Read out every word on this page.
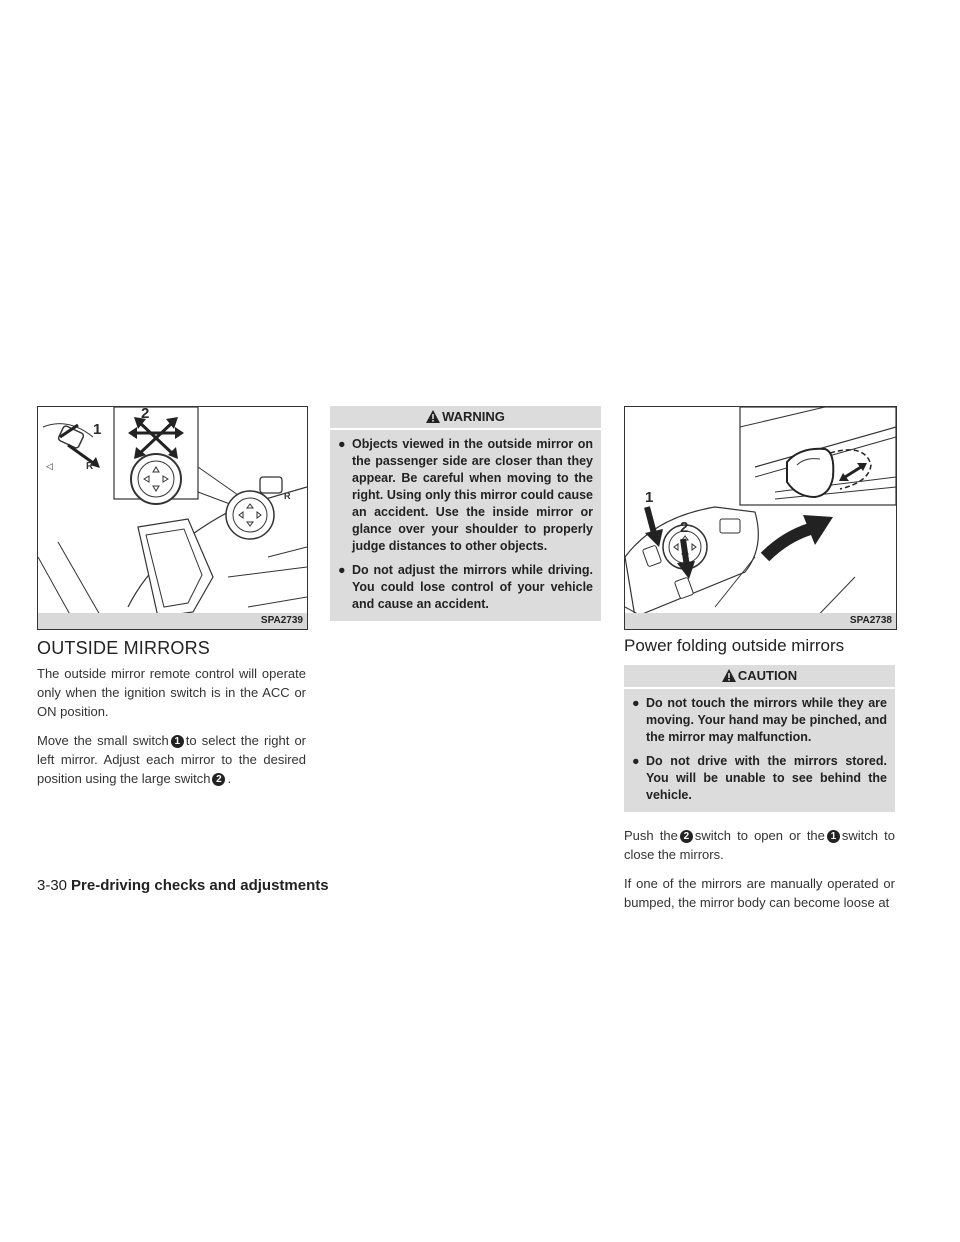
◁	R
R
1
2
SPA2739
OUTSIDE MIRRORS

The outside mirror remote control will operate only when the ignition switch is in the ACC or ON position.

Move the small switch 1 to select the right or left mirror. Adjust each mirror to the desired position using the large switch 2 .

WARNING
● Objects viewed in the outside mirror on the passenger side are closer than they appear. Be careful when moving to the right. Using only this mirror could cause an accident. Use the inside mirror or glance over your shoulder to properly judge distances to other objects.
● Do not adjust the mirrors while driving. You could lose control of your vehicle and cause an accident.
1
2
SPA2738
Power folding outside mirrors
CAUTION
● Do not touch the mirrors while they are moving. Your hand may be pinched, and the mirror may malfunction.
● Do not drive with the mirrors stored. You will be unable to see behind the vehicle.

Push the 2 switch to open or the 1 switch to close the mirrors.

If one of the mirrors are manually operated or bumped, the mirror body can become loose at

3-30 Pre-driving checks and adjustments
